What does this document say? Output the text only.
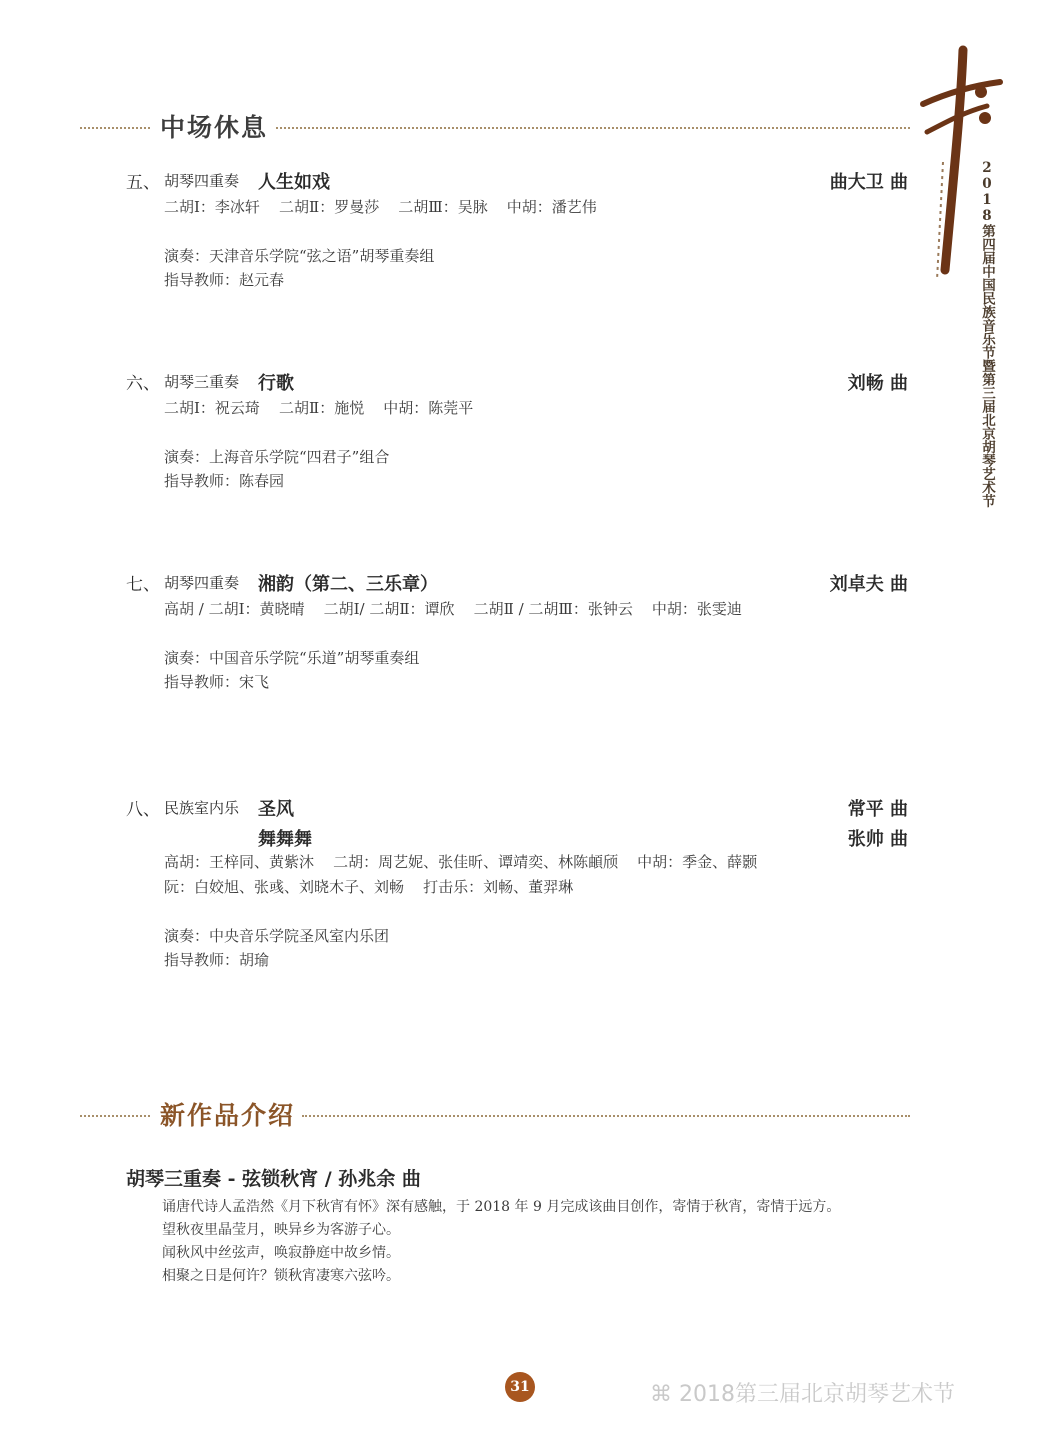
2018第四届中国民族音乐节暨第三届北京胡琴艺术节
中场休息
五、 胡琴四重奏 人生如戏	曲大卫 曲
二胡Ⅰ：李冰轩    二胡Ⅱ：罗曼莎    二胡Ⅲ：吴脉    中胡：潘艺伟
演奏：天津音乐学院“弦之语”胡琴重奏组
指导教师：赵元春
六、 胡琴三重奏 行歌	刘畅 曲
二胡Ⅰ：祝云琦    二胡Ⅱ：施悦    中胡：陈莞平
演奏：上海音乐学院“四君子”组合
指导教师：陈春园
七、 胡琴四重奏 湘韵（第二、三乐章）	刘卓夫 曲
高胡 / 二胡Ⅰ：黄晓晴    二胡Ⅰ/ 二胡Ⅱ：谭欣    二胡Ⅱ / 二胡Ⅲ：张钟云    中胡：张雯迪
演奏：中国音乐学院“乐道”胡琴重奏组
指导教师：宋飞
八、 民族室内乐 圣风	常平 曲
舞舞舞	张帅 曲
高胡：王梓同、黄紫沐    二胡：周艺妮、张佳昕、谭靖奕、林陈頔颀    中胡：季金、薛颢
阮：白姣旭、张彧、刘晓木子、刘畅    打击乐：刘畅、董羿琳
演奏：中央音乐学院圣风室内乐团
指导教师：胡瑜
新作品介绍
胡琴三重奏 - 弦锁秋宵 / 孙兆余 曲
诵唐代诗人孟浩然《月下秋宵有怀》深有感触，于 2018 年 9 月完成该曲目创作，寄情于秋宵，寄情于远方。
望秋夜里晶莹月，映异乡为客游子心。
闻秋风中丝弦声，唤寂静庭中故乡情。
相聚之日是何许？锁秋宵凄寒六弦吟。
31	⌘ 2018第三届北京胡琴艺术节
